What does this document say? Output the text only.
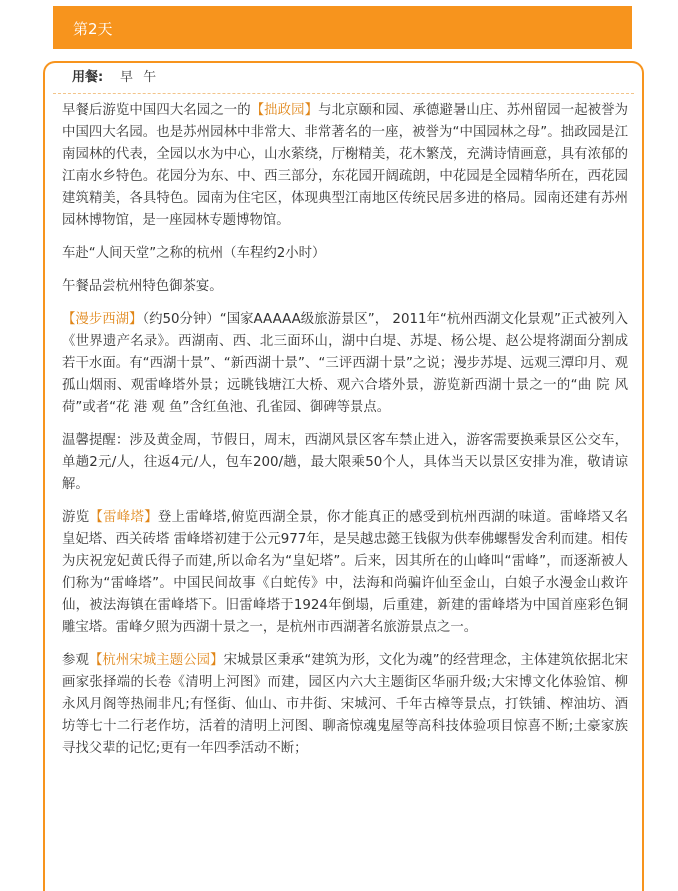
第2天
用餐: 早 午

早餐后游览中国四大名园之一的【拙政园】与北京颐和园、承德避暑山庄、苏州留园一起被誉为中国四大名园。也是苏州园林中非常大、非常著名的一座，被誉为“中国园林之母”。拙政园是江南园林的代表，全园以水为中心，山水萦绕，厅榭精美，花木繁茂，充满诗情画意，具有浓郁的江南水乡特色。花园分为东、中、西三部分，东花园开阔疏朗，中花园是全园精华所在，西花园建筑精美，各具特色。园南为住宅区，体现典型江南地区传统民居多进的格局。园南还建有苏州园林博物馆，是一座园林专题博物馆。

车赴“人间天堂”之称的杭州（车程约2小时）

午餐品尝杭州特色御茶宴。

【漫步西湖】（约50分钟）“国家AAAAA级旅游景区”， 2011年“杭州西湖文化景观”正式被列入《世界遗产名录》。西湖南、西、北三面环山，湖中白堤、苏堤、杨公堤、赵公堤将湖面分割成若干水面。有“西湖十景”、“新西湖十景”、“三评西湖十景”之说；漫步苏堤、远观三潭印月、观孤山烟雨、观雷峰塔外景；远眺钱塘江大桥、观六合塔外景，游览新西湖十景之一的“曲 院 风 荷”或者“花 港 观 鱼”含红鱼池、孔雀园、御碑等景点。

温馨提醒：涉及黄金周，节假日，周末，西湖风景区客车禁止进入，游客需要换乘景区公交车，单趟2元/人，往返4元/人，包车200/趟，最大限乘50个人，具体当天以景区安排为准，敬请谅解。

游览【雷峰塔】登上雷峰塔,俯览西湖全景，你才能真正的感受到杭州西湖的味道。雷峰塔又名皇妃塔、西关砖塔 雷峰塔初建于公元977年，是吴越忠懿王钱俶为供奉佛螺髻发舍利而建。相传为庆祝宠妃黄氏得子而建,所以命名为“皇妃塔”。后来，因其所在的山峰叫“雷峰”，而逐渐被人们称为“雷峰塔”。中国民间故事《白蛇传》中，法海和尚骗许仙至金山，白娘子水漫金山救许仙，被法海镇在雷峰塔下。旧雷峰塔于1924年倒塌，后重建，新建的雷峰塔为中国首座彩色铜雕宝塔。雷峰夕照为西湖十景之一，是杭州市西湖著名旅游景点之一。

参观【杭州宋城主题公园】宋城景区秉承“建筑为形，文化为魂”的经营理念，主体建筑依据北宋画家张择端的长卷《清明上河图》而建，园区内六大主题街区华丽升级;大宋博文化体验馆、柳永风月阁等热闹非凡;有怪街、仙山、市井街、宋城河、千年古樟等景点，打铁铺、榨油坊、酒坊等七十二行老作坊，活着的清明上河图、聊斋惊魂鬼屋等高科技体验项目惊喜不断;土豪家族寻找父辈的记忆;更有一年四季活动不断；
